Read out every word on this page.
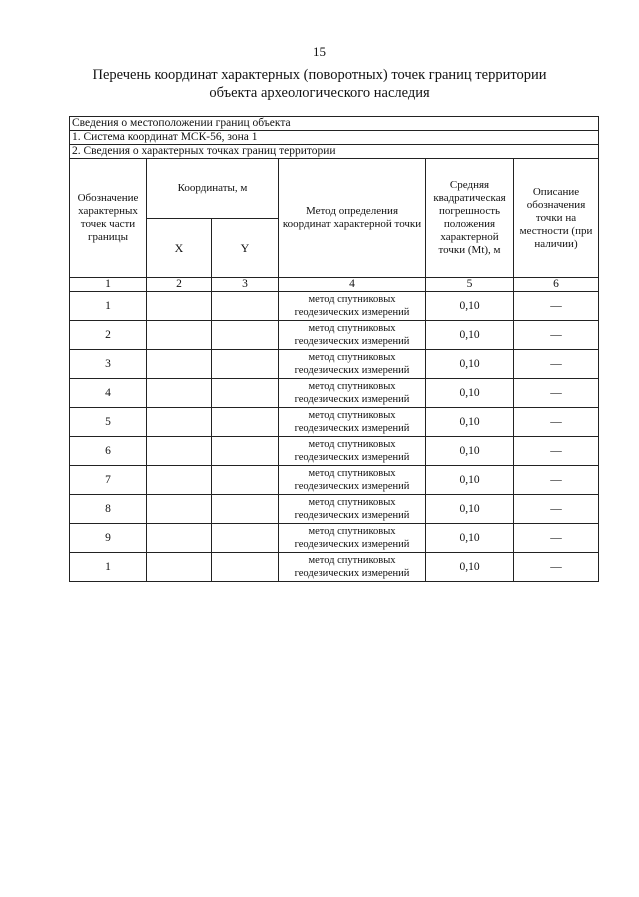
15
Перечень координат характерных (поворотных) точек границ территории
объекта археологического наследия
Сведения о местоположении границ объекта					
1. Система координат МСК-56, зона 1					
2. Сведения о характерных точках границ территории					
Обозначение характерных точек части границы	Координаты, м		Метод определения координат характерной точки	Средняя квадратическая погрешность положения характерной точки (Mt), м	Описание обозначения точки на местности (при наличии)
	X	Y			
1	2	3	4	5	6
1			метод спутниковых геодезических измерений	0,10	—
2			метод спутниковых геодезических измерений	0,10	—
3			метод спутниковых геодезических измерений	0,10	—
4			метод спутниковых геодезических измерений	0,10	—
5			метод спутниковых геодезических измерений	0,10	—
6			метод спутниковых геодезических измерений	0,10	—
7			метод спутниковых геодезических измерений	0,10	—
8			метод спутниковых геодезических измерений	0,10	—
9			метод спутниковых геодезических измерений	0,10	—
1			метод спутниковых геодезических измерений	0,10	—
